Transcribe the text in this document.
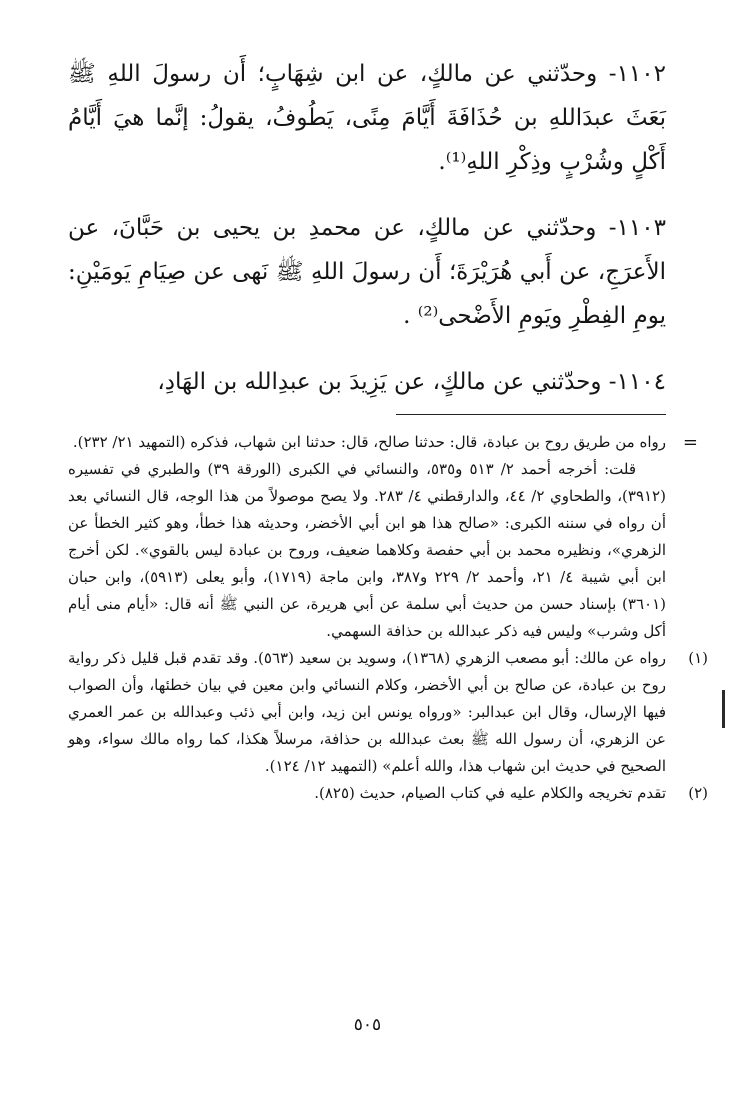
١١٠٢- وحدّثني عن مالكٍ، عن ابن شِهَابٍ؛ أَن رسولَ اللهِ ﷺ بَعَثَ عبدَاللهِ بن حُذَافَةَ أَيَّامَ مِنًى، يَطُوفُ، يقولُ: إنَّما هيَ أَيَّامُ أَكْلٍ وشُرْبٍ وذِكْرِ اللهِ⁽¹⁾.

١١٠٣- وحدّثني عن مالكٍ، عن محمدِ بن يحيى بن حَبَّانَ، عن الأَعرَجِ، عن أَبي هُرَيْرَةَ؛ أَن رسولَ اللهِ ﷺ نَهى عن صِيَامِ يَومَيْنِ: يومِ الفِطْرِ ويَومِ الأَضْحى⁽²⁾ .

١١٠٤- وحدّثني عن مالكٍ، عن يَزِيدَ بن عبدِالله بن الهَادِ،

=

رواه من طريق روح بن عبادة، قال: حدثنا صالح، قال: حدثنا ابن شهاب، فذكره (التمهيد ٢١/ ٢٣٢).

قلت: أخرجه أحمد ٢/ ٥١٣ و٥٣٥، والنسائي في الكبرى (الورقة ٣٩) والطبري في تفسيره (٣٩١٢)، والطحاوي ٢/ ٤٤، والدارقطني ٤/ ٢٨٣. ولا يصح موصولاً من هذا الوجه، قال النسائي بعد أن رواه في سننه الكبرى: «صالح هذا هو ابن أبي الأخضر، وحديثه هذا خطأ، وهو كثير الخطأ عن الزهري»، ونظيره محمد بن أبي حفصة وكلاهما ضعيف، وروح بن عبادة ليس بالقوي». لكن أخرج ابن أبي شيبة ٤/ ٢١، وأحمد ٢/ ٢٢٩ و٣٨٧، وابن ماجة (١٧١٩)، وأبو يعلى (٥٩١٣)، وابن حبان (٣٦٠١) بإسناد حسن من حديث أبي سلمة عن أبي هريرة، عن النبي ﷺ أنه قال: «أيام منى أيام أكل وشرب» وليس فيه ذكر عبدالله بن حذافة السهمي.

(١)

رواه عن مالك: أبو مصعب الزهري (١٣٦٨)، وسويد بن سعيد (٥٦٣). وقد تقدم قبل قليل ذكر رواية روح بن عبادة، عن صالح بن أبي الأخضر، وكلام النسائي وابن معين في بيان خطئها، وأن الصواب فيها الإرسال، وقال ابن عبدالبر: «ورواه يونس ابن زيد، وابن أبي ذئب وعبدالله بن عمر العمري عن الزهري، أن رسول الله ﷺ بعث عبدالله بن حذافة، مرسلاً هكذا، كما رواه مالك سواء، وهو الصحيح في حديث ابن شهاب هذا، والله أعلم» (التمهيد ١٢/ ١٢٤).

(٢)

تقدم تخريجه والكلام عليه في كتاب الصيام، حديث (٨٢٥).

٥٠٥
